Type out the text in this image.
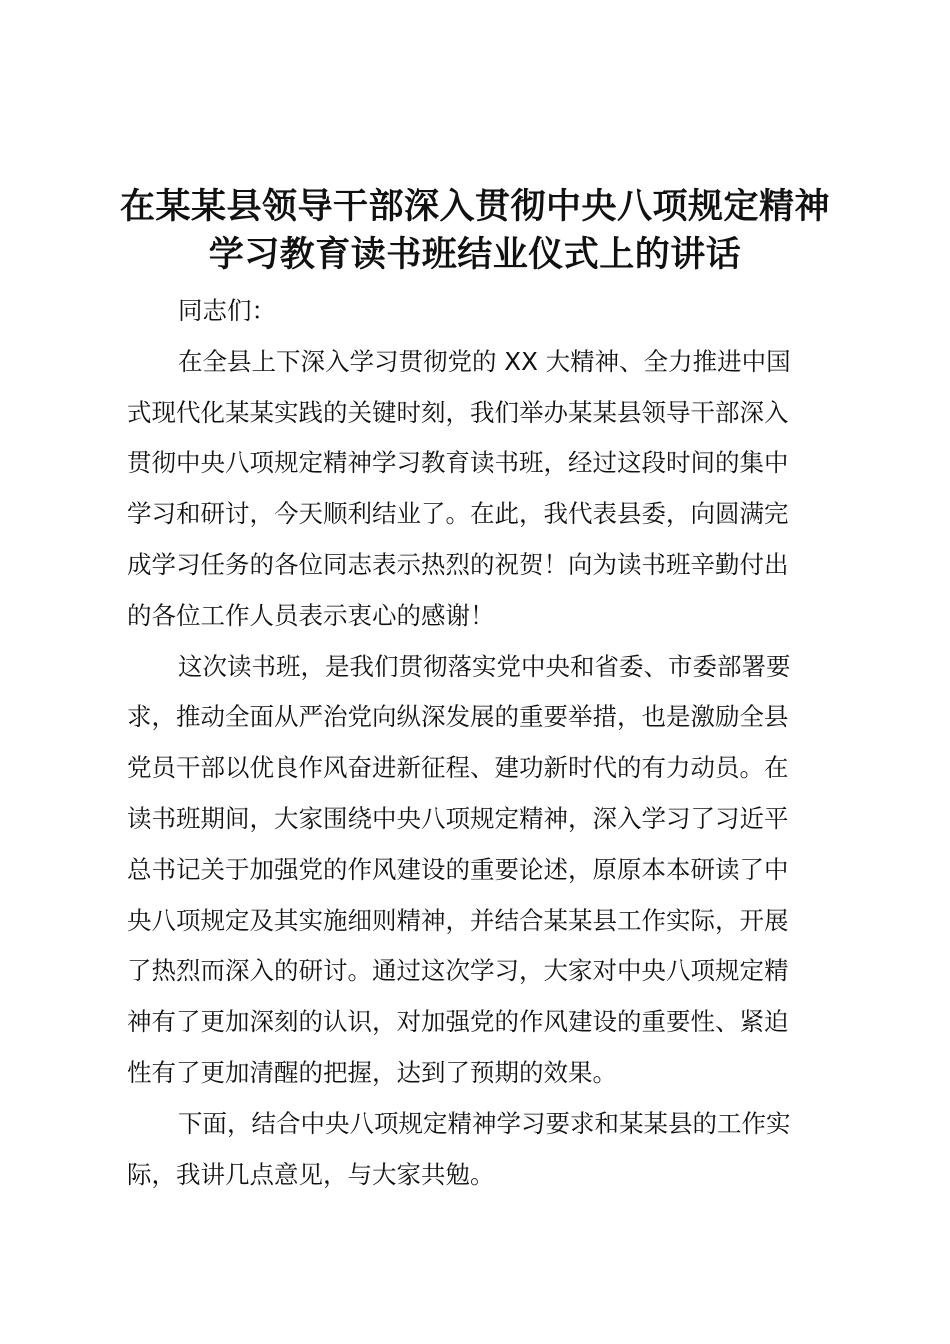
在某某县领导干部深入贯彻中央八项规定精神
学习教育读书班结业仪式上的讲话

同志们：

在全县上下深入学习贯彻党的 XX 大精神、全力推进中国
式现代化某某实践的关键时刻，我们举办某某县领导干部深入
贯彻中央八项规定精神学习教育读书班，经过这段时间的集中
学习和研讨，今天顺利结业了。在此，我代表县委，向圆满完
成学习任务的各位同志表示热烈的祝贺！向为读书班辛勤付出
的各位工作人员表示衷心的感谢！

这次读书班，是我们贯彻落实党中央和省委、市委部署要
求，推动全面从严治党向纵深发展的重要举措，也是激励全县
党员干部以优良作风奋进新征程、建功新时代的有力动员。在
读书班期间，大家围绕中央八项规定精神，深入学习了习近平
总书记关于加强党的作风建设的重要论述，原原本本研读了中
央八项规定及其实施细则精神，并结合某某县工作实际，开展
了热烈而深入的研讨。通过这次学习，大家对中央八项规定精
神有了更加深刻的认识，对加强党的作风建设的重要性、紧迫
性有了更加清醒的把握，达到了预期的效果。

下面，结合中央八项规定精神学习要求和某某县的工作实
际，我讲几点意见，与大家共勉。
